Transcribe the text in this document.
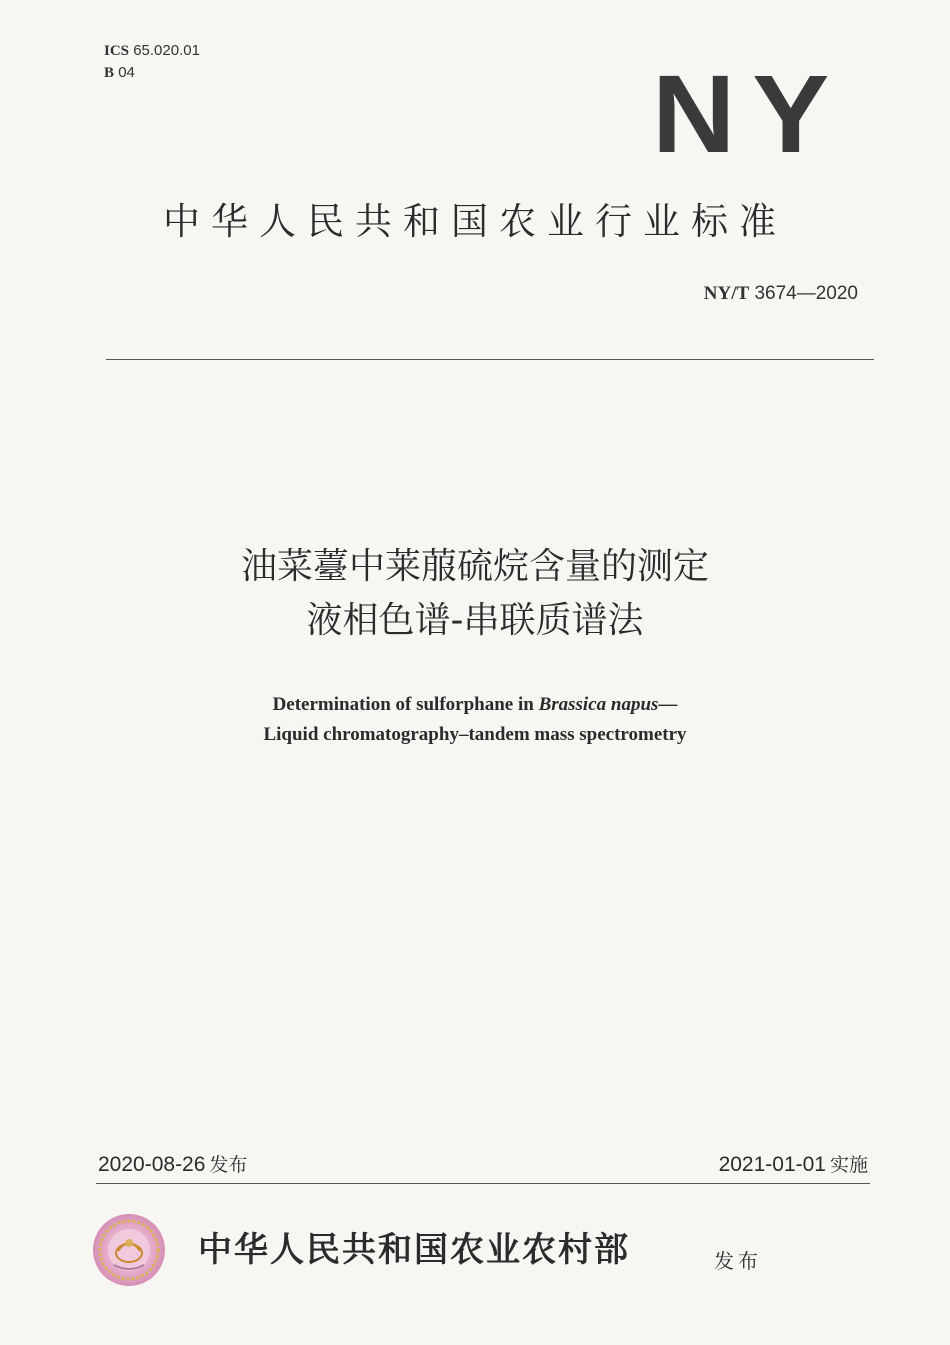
ICS 65.020.01
B 04	NY
中华人民共和国农业行业标准
NY/T 3674—2020
油菜薹中莱菔硫烷含量的测定
液相色谱-串联质谱法
Determination of sulforphane in Brassica napus—
Liquid chromatography–tandem mass spectrometry
2020-08-26 发布	2021-01-01 实施
中华人民共和国农业农村部	发布
